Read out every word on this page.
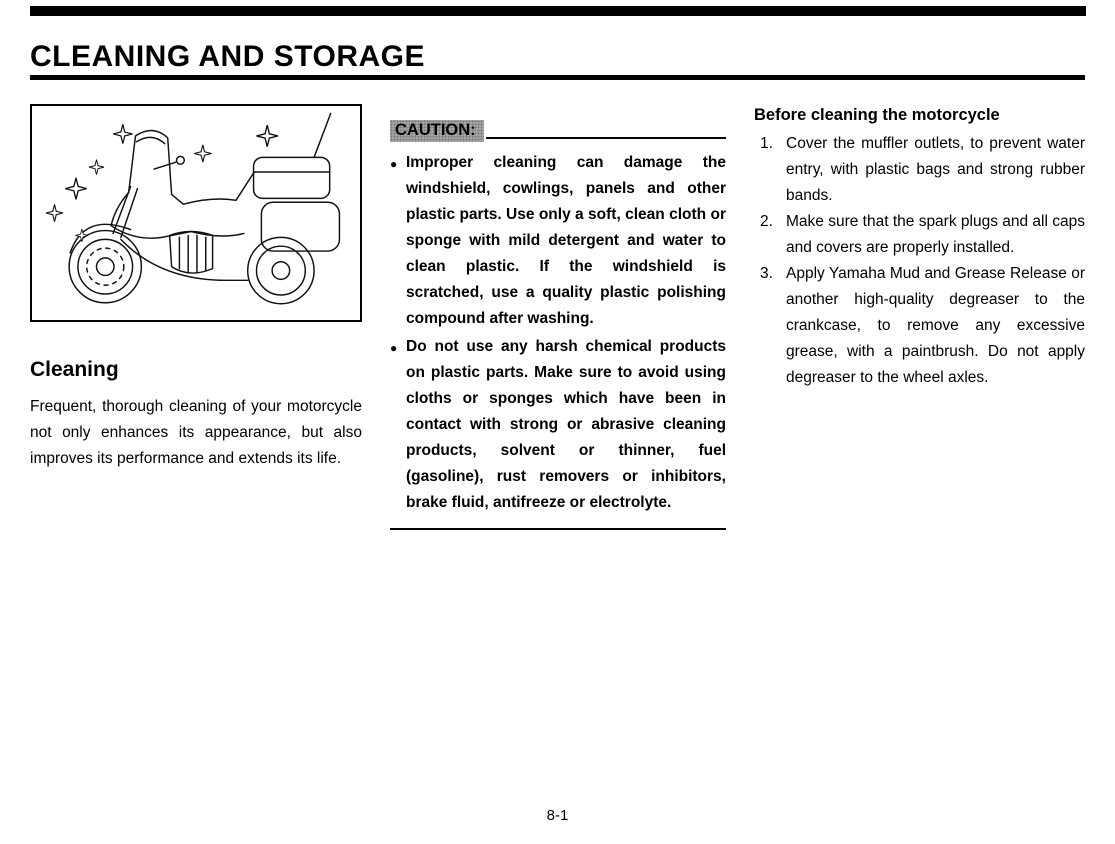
CLEANING AND STORAGE
Cleaning

Frequent, thorough cleaning of your motorcycle not only enhances its appearance, but also improves its performance and extends its life.

CAUTION:
● Improper cleaning can damage the windshield, cowlings, panels and other plastic parts. Use only a soft, clean cloth or sponge with mild detergent and water to clean plastic. If the windshield is scratched, use a quality plastic polishing compound after washing.
● Do not use any harsh chemical products on plastic parts. Make sure to avoid using cloths or sponges which have been in contact with strong or abrasive cleaning products, solvent or thinner, fuel (gasoline), rust removers or inhibitors, brake fluid, antifreeze or electrolyte.
Before cleaning the motorcycle
1. Cover the muffler outlets, to prevent water entry, with plastic bags and strong rubber bands.
2. Make sure that the spark plugs and all caps and covers are properly installed.
3. Apply Yamaha Mud and Grease Release or another high-quality degreaser to the crankcase, to remove any excessive grease, with a paintbrush. Do not apply degreaser to the wheel axles.
8-1
